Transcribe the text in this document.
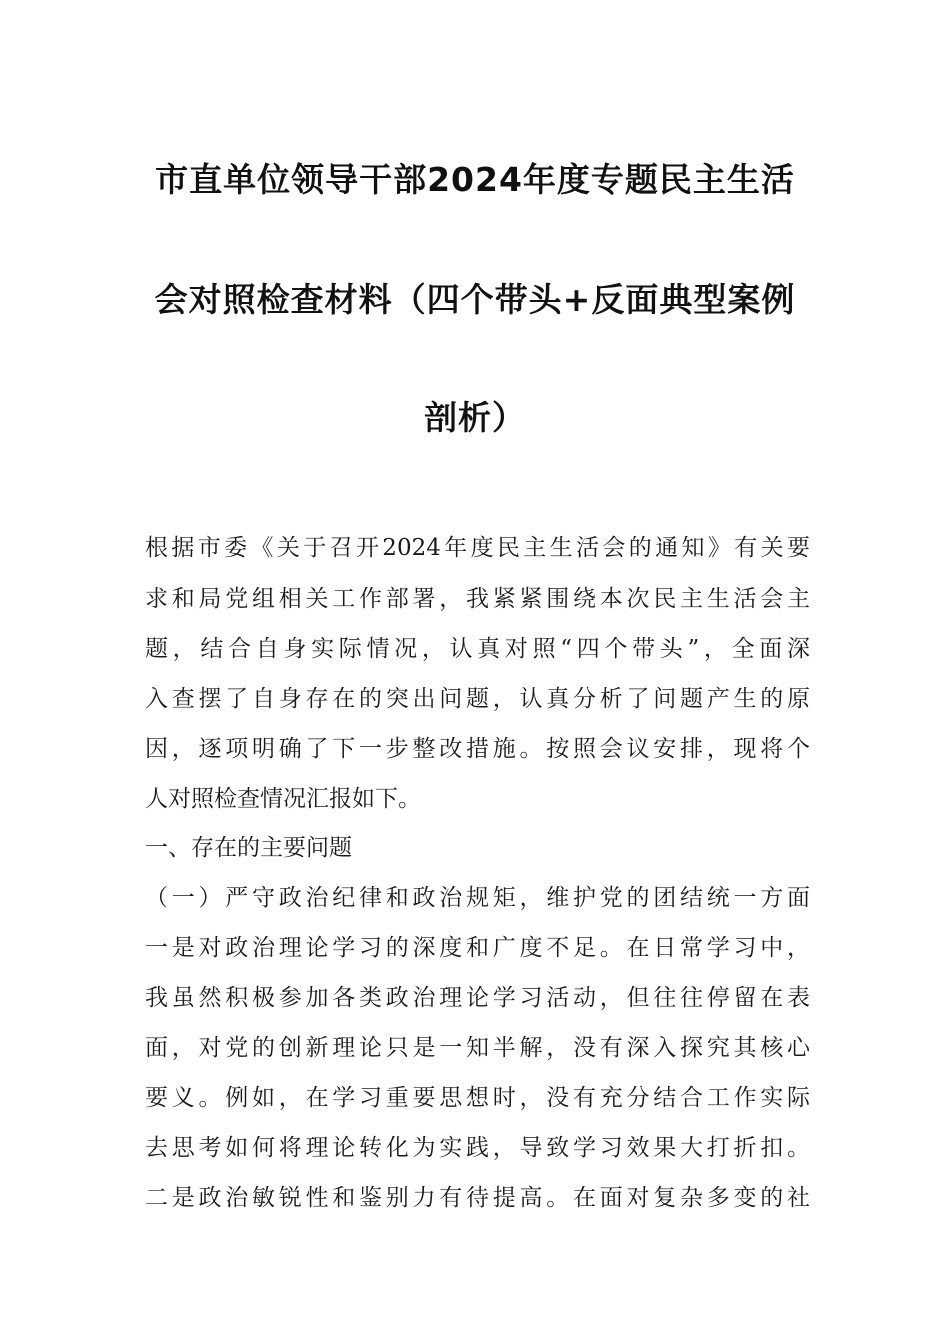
市直单位领导干部2024年度专题民主生活
会对照检查材料（四个带头+反面典型案例
剖析）
根据市委《关于召开2024年度民主生活会的通知》有关要
求和局党组相关工作部署，我紧紧围绕本次民主生活会主
题，结合自身实际情况，认真对照“四个带头”，全面深
入查摆了自身存在的突出问题，认真分析了问题产生的原
因，逐项明确了下一步整改措施。按照会议安排，现将个
人对照检查情况汇报如下。
一、存在的主要问题
（一）严守政治纪律和政治规矩，维护党的团结统一方面
一是对政治理论学习的深度和广度不足。在日常学习中，
我虽然积极参加各类政治理论学习活动，但往往停留在表
面，对党的创新理论只是一知半解，没有深入探究其核心
要义。例如，在学习重要思想时，没有充分结合工作实际
去思考如何将理论转化为实践，导致学习效果大打折扣。
二是政治敏锐性和鉴别力有待提高。在面对复杂多变的社
